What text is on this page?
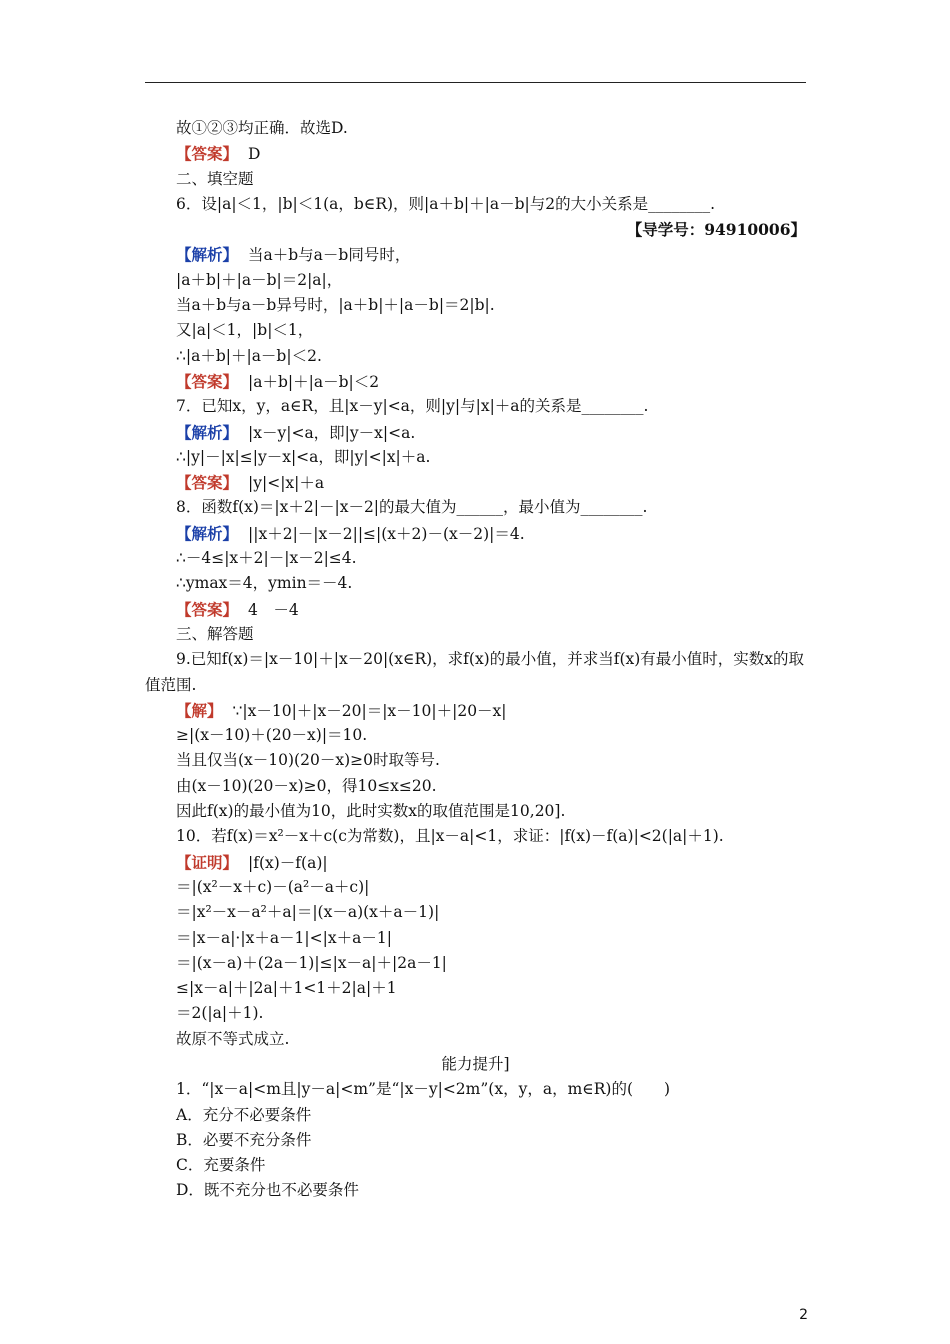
故①②③均正确．故选D.
【答案】 D
二、填空题
6．设|a|＜1，|b|＜1(a，b∈R)，则|a＋b|＋|a－b|与2的大小关系是________.
【导学号：94910006】
【解析】 当a＋b与a－b同号时，
|a＋b|＋|a－b|＝2|a|，
当a＋b与a－b异号时，|a＋b|＋|a－b|＝2|b|.
又|a|＜1，|b|＜1，
∴|a＋b|＋|a－b|＜2.
【答案】 |a＋b|＋|a－b|＜2
7．已知x，y，a∈R，且|x－y|<a，则|y|与|x|＋a的关系是________.
【解析】 |x－y|<a，即|y－x|<a.
∴|y|－|x|≤|y－x|<a，即|y|<|x|＋a.
【答案】 |y|<|x|＋a
8．函数f(x)＝|x＋2|－|x－2|的最大值为______，最小值为________.
【解析】 ||x＋2|－|x－2||≤|(x＋2)－(x－2)|＝4.
∴－4≤|x＋2|－|x－2|≤4.
∴ymax＝4，ymin＝－4.
【答案】 4　－4
三、解答题
9.已知f(x)＝|x－10|＋|x－20|(x∈R)，求f(x)的最小值，并求当f(x)有最小值时，实数x的取值范围.
【解】 ∵|x－10|＋|x－20|＝|x－10|＋|20－x|
≥|(x－10)＋(20－x)|＝10.
当且仅当(x－10)(20－x)≥0时取等号.
由(x－10)(20－x)≥0，得10≤x≤20.
因此f(x)的最小值为10，此时实数x的取值范围是10,20].
10．若f(x)＝x²－x＋c(c为常数)，且|x－a|<1，求证：|f(x)－f(a)|<2(|a|＋1).
【证明】 |f(x)－f(a)|
＝|(x²－x＋c)－(a²－a＋c)|
＝|x²－x－a²＋a|＝|(x－a)(x＋a－1)|
＝|x－a|·|x＋a－1|<|x＋a－1|
＝|(x－a)＋(2a－1)|≤|x－a|＋|2a－1|
≤|x－a|＋|2a|＋1<1＋2|a|＋1
＝2(|a|＋1).
故原不等式成立.
能力提升]
1．“|x－a|<m且|y－a|<m”是“|x－y|<2m”(x，y，a，m∈R)的(　　)
A．充分不必要条件
B．必要不充分条件
C．充要条件
D．既不充分也不必要条件
2
